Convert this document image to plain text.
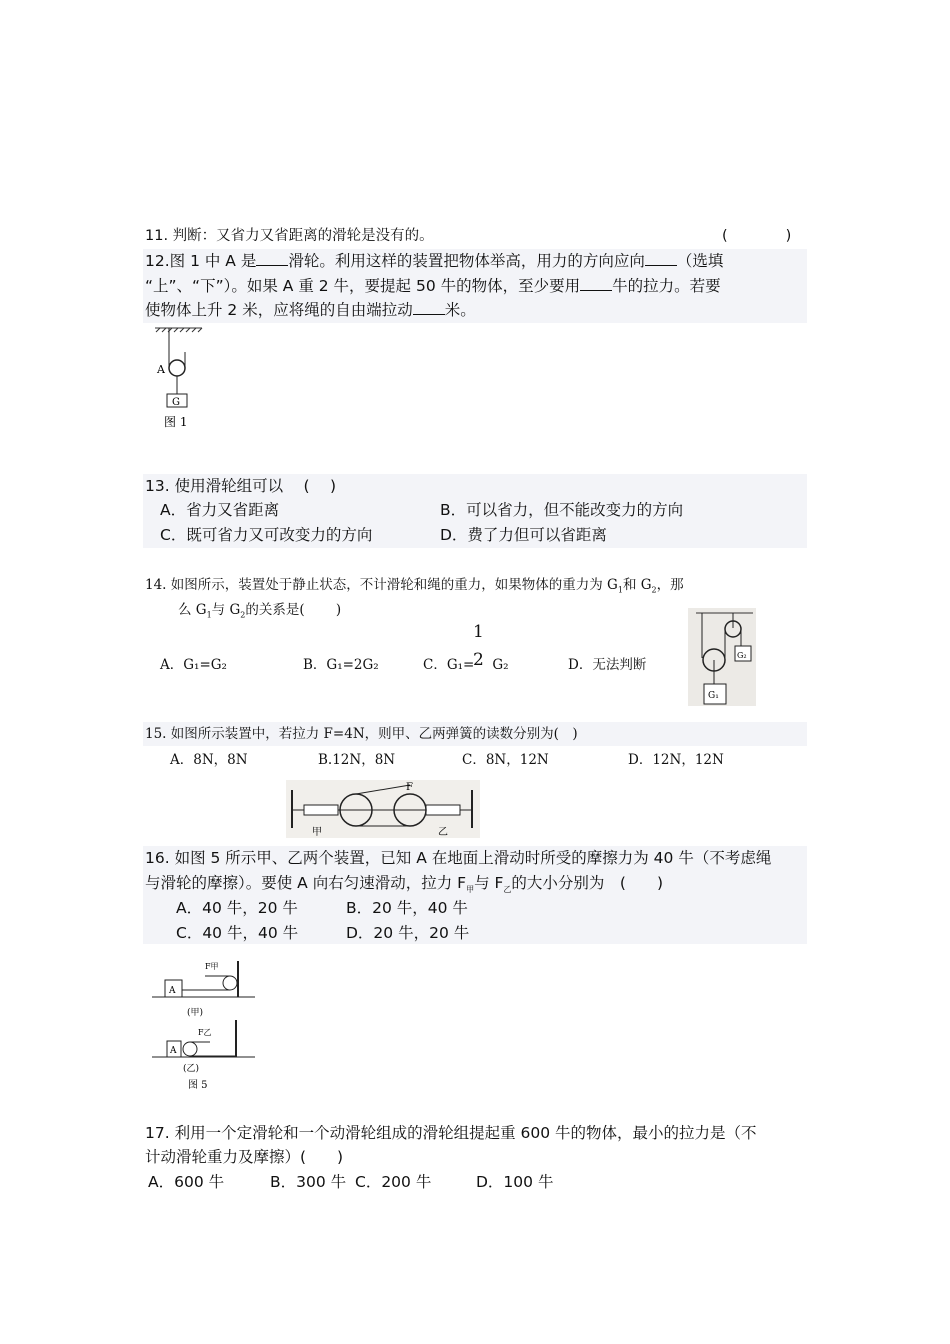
11. 判断：又省力又省距离的滑轮是没有的。	(　　　　)
12.图 1 中 A 是 滑轮。利用这样的装置把物体举高，用力的方向应向 （选填
“上”、“下”）。如果 A 重 2 牛，要提起 50 牛的物体，至少要用 牛的拉力。若要
使物体上升 2 米，应将绳的自由端拉动 米。
A
G
图 1
13. 使用滑轮组可以　 (　 )
A．省力又省距离	B．可以省力，但不能改变力的方向
C．既可省力又可改变力的方向	D．费了力但可以省距离
14. 如图所示，装置处于静止状态，不计滑轮和绳的重力，如果物体的重力为 $G_1$和 $G_2$，那
么 $G_1$与 $G_2$的关系是(　　 )
A．G₁=G₂	B．G₁=2G₂	C．G₁= G₂
1
2	D．无法判断
G₂
G₁
15. 如图所示装置中，若拉力 F=4N，则甲、乙两弹簧的读数分别为(　)
A．8N，8N	B.12N，8N	C．8N，12N	D．12N，12N
F
甲	乙
16. 如图 5 所示甲、乙两个装置，已知 A 在地面上滑动时所受的摩擦力为 40 牛（不考虑绳
与滑轮的摩擦）。要使 A 向右匀速滑动，拉力 $F_甲$与 $F_乙$的大小分别为　(　　)
A．40 牛，20 牛	B．20 牛，40 牛
C．40 牛，40 牛	D．20 牛，20 牛
A
F甲
(甲)
A
F乙
(乙)
图 5
17. 利用一个定滑轮和一个动滑轮组成的滑轮组提起重 600 牛的物体，最小的拉力是（不
计动滑轮重力及摩擦）(　　)
A．600 牛	B．300 牛 C．200 牛	D．100 牛
